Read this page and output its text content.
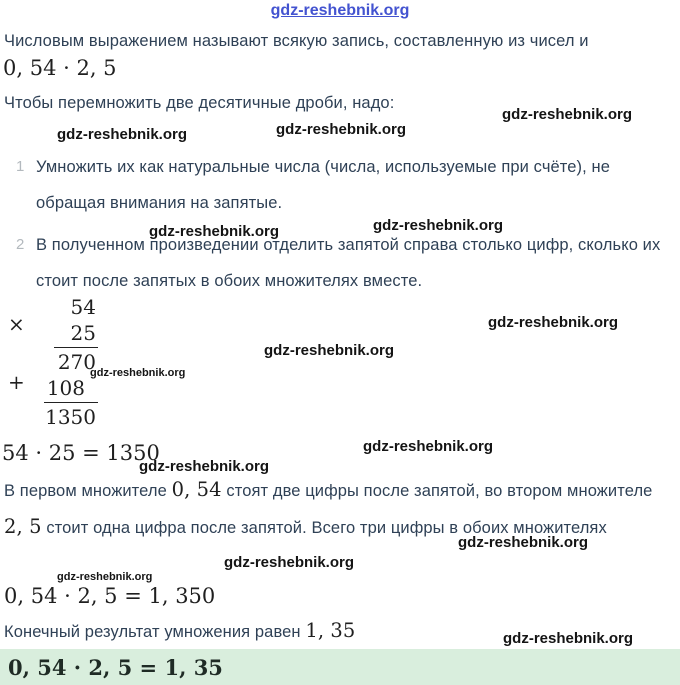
gdz-reshebnik.org

Числовым выражением называют всякую запись, составленную из чисел и

0, 54 · 2, 5

Чтобы перемножить две десятичные дроби, надо:

1 Умножить их как натуральные числа (числа, используемые при счёте), не обращая внимания на запятые.
2 В полученном произведении отделить запятой справа столько цифр, сколько их стоит после запятых в обоих множителях вместе.
×
+
54
25
270
108
1350
54 · 25 = 1350

В первом множителе 0, 54 стоят две цифры после запятой, во втором множителе 2, 5 стоит одна цифра после запятой. Всего три цифры в обоих множителях

0, 54 · 2, 5 = 1, 350

Конечный результат умножения равен 1, 35

0, 54 · 2, 5 = 1, 35
gdz-reshebnik.org	gdz-reshebnik.org
gdz-reshebnik.org
gdz-reshebnik.org	gdz-reshebnik.org
gdz-reshebnik.org
gdz-reshebnik.org
gdz-reshebnik.org
gdz-reshebnik.org
gdz-reshebnik.org
gdz-reshebnik.org
gdz-reshebnik.org
gdz-reshebnik.org
gdz-reshebnik.org
